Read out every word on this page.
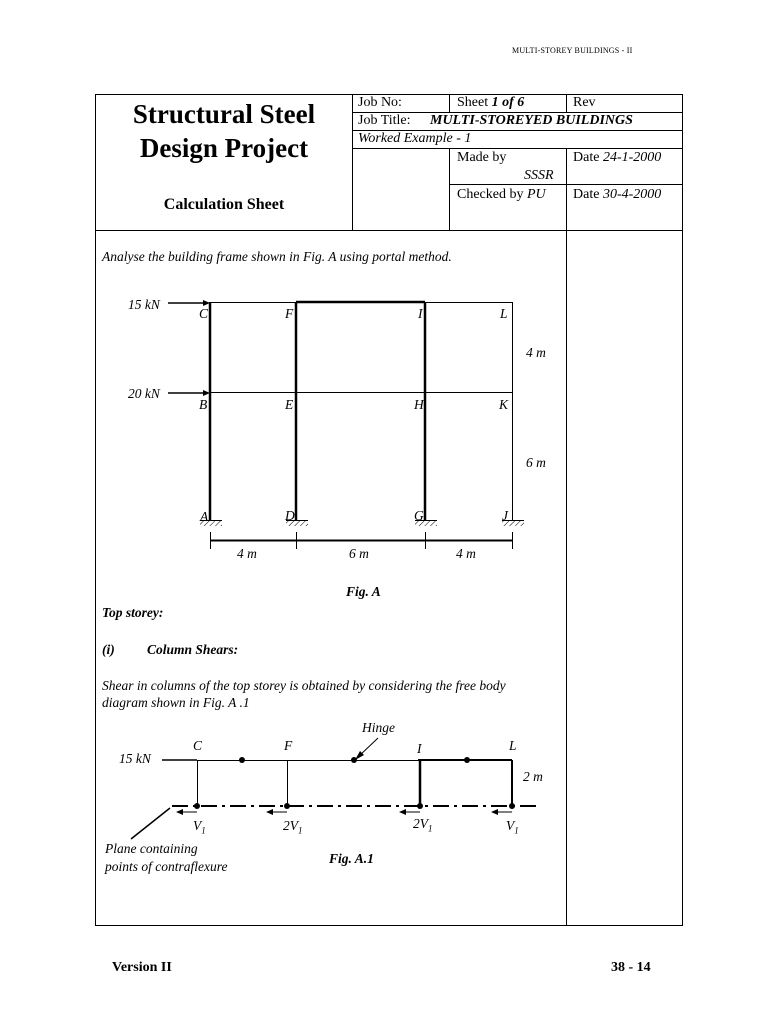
MULTI-STOREY BUILDINGS - II
Structural Steel
Design Project
Calculation Sheet
Job No:	Sheet 1 of 6	Rev
Job Title: MULTI-STOREYED BUILDINGS
Worked Example - 1
Made by
SSSR
Date 24-1-2000
Checked by PU Date 30-4-2000
Analyse the building frame shown in Fig. A using portal method.
15 kN
20 kN
C	F	I	L
B	E	H	K
A	D	G	J
4 m
6 m
4 m	6 m	4 m
Fig. A
Top storey:
(i) Column Shears:
Shear in columns of the top storey is obtained by considering the free body
diagram shown in Fig. A .1
Hinge
15 kN
C	F	I	L
2 m
$V_1$	$2V_1$	$2V_1$	$V_1$
Plane containing
points of contraflexure
Fig. A.1
Version II	38 - 14
